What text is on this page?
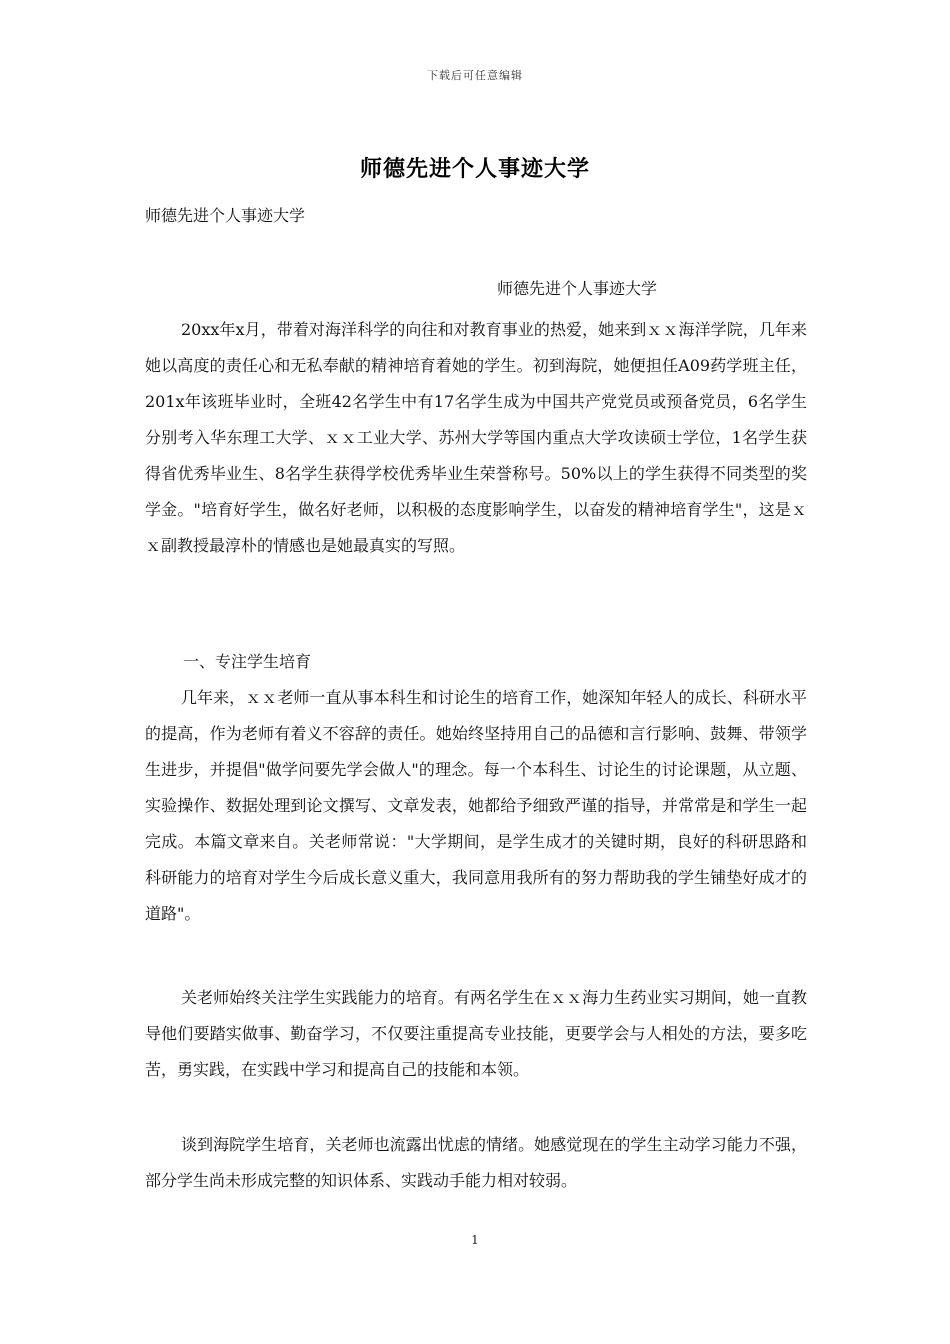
下载后可任意编辑
师德先进个人事迹大学
师德先进个人事迹大学
师德先进个人事迹大学

20xx年x月，带着对海洋科学的向往和对教育事业的热爱，她来到ｘｘ海洋学院，几年来她以高度的责任心和无私奉献的精神培育着她的学生。初到海院，她便担任A09药学班主任，201x年该班毕业时，全班42名学生中有17名学生成为中国共产党党员或预备党员，6名学生分别考入华东理工大学、ｘｘ工业大学、苏州大学等国内重点大学攻读硕士学位，1名学生获得省优秀毕业生、8名学生获得学校优秀毕业生荣誉称号。50%以上的学生获得不同类型的奖学金。"培育好学生，做名好老师，以积极的态度影响学生，以奋发的精神培育学生"，这是ｘｘ副教授最淳朴的情感也是她最真实的写照。

一、专注学生培育

几年来，ｘｘ老师一直从事本科生和讨论生的培育工作，她深知年轻人的成长、科研水平的提高，作为老师有着义不容辞的责任。她始终坚持用自己的品德和言行影响、鼓舞、带领学生进步，并提倡"做学问要先学会做人"的理念。每一个本科生、讨论生的讨论课题，从立题、实验操作、数据处理到论文撰写、文章发表，她都给予细致严谨的指导，并常常是和学生一起完成。本篇文章来自。关老师常说："大学期间，是学生成才的关键时期，良好的科研思路和科研能力的培育对学生今后成长意义重大，我同意用我所有的努力帮助我的学生铺垫好成才的道路"。

关老师始终关注学生实践能力的培育。有两名学生在ｘｘ海力生药业实习期间，她一直教导他们要踏实做事、勤奋学习，不仅要注重提高专业技能，更要学会与人相处的方法，要多吃苦，勇实践，在实践中学习和提高自己的技能和本领。

谈到海院学生培育，关老师也流露出忧虑的情绪。她感觉现在的学生主动学习能力不强，部分学生尚未形成完整的知识体系、实践动手能力相对较弱。

1
